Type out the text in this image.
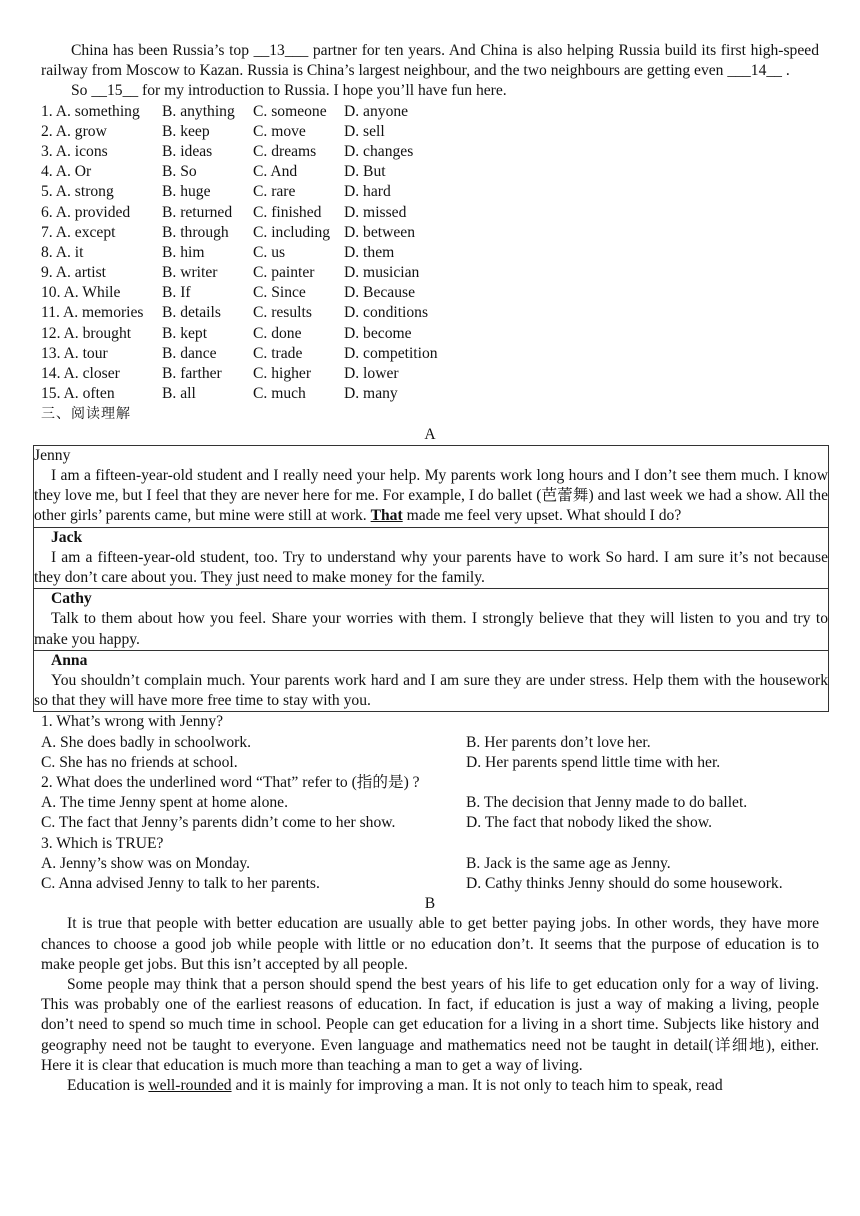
China has been Russia’s top __13___ partner for ten years. And China is also helping Russia build its first high-speed railway from Moscow to Kazan. Russia is China’s largest neighbour, and the two neighbours are getting even ___14__ .

So __15__ for my introduction to Russia. I hope you’ll have fun here.

1. A. something	B. anything	C. someone	D. anyone
2. A. grow	B. keep	C. move	D. sell
3. A. icons	B. ideas	C. dreams	D. changes
4. A. Or	B. So	C. And	D. But
5. A. strong	B. huge	C. rare	D. hard
6. A. provided	B. returned	C. finished	D. missed
7. A. except	B. through	C. including D. between
8. A. it	B. him	C. us	D. them
9. A. artist	B. writer	C. painter	D. musician
10. A. While	B. If	C. Since	D. Because
11. A. memories	B. details	C. results	D. conditions
12. A. brought	B. kept	C. done	D. become
13. A. tour	B. dance	C. trade	D. competition
14. A. closer	B. farther	C. higher	D. lower
15. A. often	B. all	C. much	D. many
三、阅读理解
A
Jenny
I am a fifteen-year-old student and I really need your help. My parents work long hours and I don’t see them much. I know they love me, but I feel that they are never here for me. For example, I do ballet (芭蕾舞) and last week we had a show. All the other girls’ parents came, but mine were still at work. That made me feel very upset. What should I do?
Jack
I am a fifteen-year-old student, too. Try to understand why your parents have to work So hard. I am sure it’s not because they don’t care about you. They just need to make money for the family.
Cathy
Talk to them about how you feel. Share your worries with them. I strongly believe that they will listen to you and try to make you happy.
Anna
You shouldn’t complain much. Your parents work hard and I am sure they are under stress. Help them with the housework so that they will have more free time to stay with you.
1. What’s wrong with Jenny?
A. She does badly in schoolwork.	B. Her parents don’t love her.
C. She has no friends at school.	D. Her parents spend little time with her.
2. What does the underlined word “That” refer to (指的是) ?
A. The time Jenny spent at home alone.	B. The decision that Jenny made to do ballet.
C. The fact that Jenny’s parents didn’t come to her show.	D. The fact that nobody liked the show.
3. Which is TRUE?
A. Jenny’s show was on Monday.	B. Jack is the same age as Jenny.
C. Anna advised Jenny to talk to her parents.	D. Cathy thinks Jenny should do some housework.
B

It is true that people with better education are usually able to get better paying jobs. In other words, they have more chances to choose a good job while people with little or no education don’t. It seems that the purpose of education is to make people get jobs. But this isn’t accepted by all people.

Some people may think that a person should spend the best years of his life to get education only for a way of living. This was probably one of the earliest reasons of education. In fact, if education is just a way of making a living, people don’t need to spend so much time in school. People can get education for a living in a short time. Subjects like history and geography need not be taught to everyone. Even language and mathematics need not be taught in detail(详细地), either. Here it is clear that education is much more than teaching a man to get a way of living.

Education is well-rounded and it is mainly for improving a man. It is not only to teach him to speak, read
